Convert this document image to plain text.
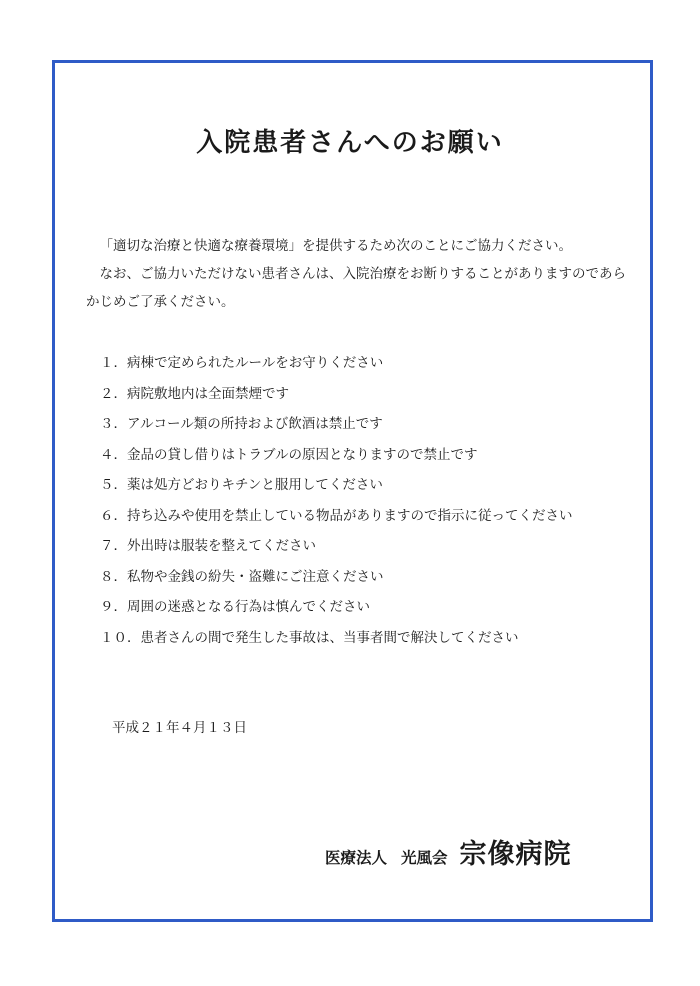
入院患者さんへのお願い

「適切な治療と快適な療養環境」を提供するため次のことにご協力ください。

なお、ご協力いただけない患者さんは、入院治療をお断りすることがありますのであらかじめご了承ください。

１．病棟で定められたルールをお守りください
２．病院敷地内は全面禁煙です
３．アルコール類の所持および飲酒は禁止です
４．金品の貸し借りはトラブルの原因となりますので禁止です
５．薬は処方どおりキチンと服用してください
６．持ち込みや使用を禁止している物品がありますので指示に従ってください
７．外出時は服装を整えてください
８．私物や金銭の紛失・盗難にご注意ください
９．周囲の迷惑となる行為は慎んでください
１０．患者さんの間で発生した事故は、当事者間で解決してください
平成２１年４月１３日
医療法人 光風会 宗像病院
